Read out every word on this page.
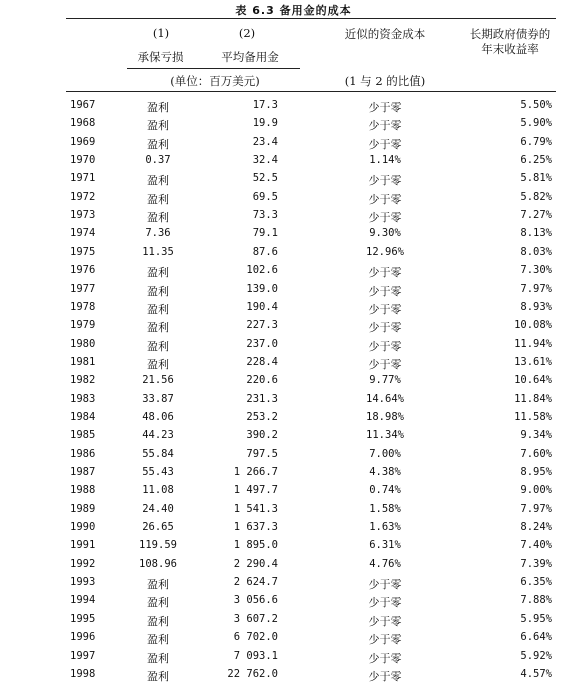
表 6.3 备用金的成本
(1)	(2)	近似的资金成本	长期政府债券的
年末收益率
承保亏损	平均备用金
(单位：百万美元)	(1 与 2 的比值)
1967	盈利	17.3	少于零	5.50%
1968	盈利	19.9	少于零	5.90%
1969	盈利	23.4	少于零	6.79%
1970	0.37	32.4	1.14%	6.25%
1971	盈利	52.5	少于零	5.81%
1972	盈利	69.5	少于零	5.82%
1973	盈利	73.3	少于零	7.27%
1974	7.36	79.1	9.30%	8.13%
1975	11.35	87.6	12.96%	8.03%
1976	盈利	102.6	少于零	7.30%
1977	盈利	139.0	少于零	7.97%
1978	盈利	190.4	少于零	8.93%
1979	盈利	227.3	少于零	10.08%
1980	盈利	237.0	少于零	11.94%
1981	盈利	228.4	少于零	13.61%
1982	21.56	220.6	9.77%	10.64%
1983	33.87	231.3	14.64%	11.84%
1984	48.06	253.2	18.98%	11.58%
1985	44.23	390.2	11.34%	9.34%
1986	55.84	797.5	7.00%	7.60%
1987	55.43	1 266.7	4.38%	8.95%
1988	11.08	1 497.7	0.74%	9.00%
1989	24.40	1 541.3	1.58%	7.97%
1990	26.65	1 637.3	1.63%	8.24%
1991	119.59	1 895.0	6.31%	7.40%
1992	108.96	2 290.4	4.76%	7.39%
1993	盈利	2 624.7	少于零	6.35%
1994	盈利	3 056.6	少于零	7.88%
1995	盈利	3 607.2	少于零	5.95%
1996	盈利	6 702.0	少于零	6.64%
1997	盈利	7 093.1	少于零	5.92%
1998	盈利	22 762.0	少于零	4.57%
